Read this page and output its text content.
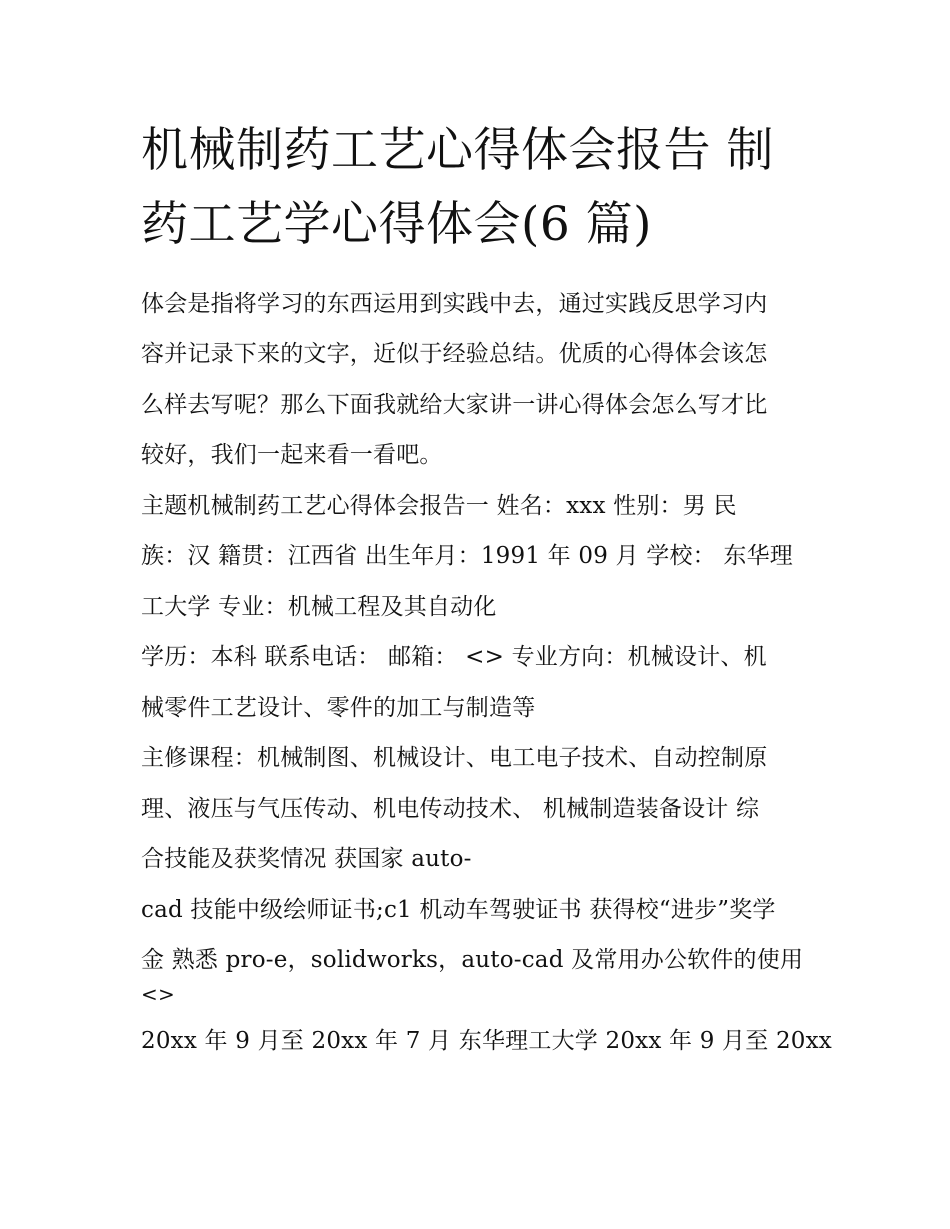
机械制药工艺心得体会报告 制
药工艺学心得体会(6 篇)

体会是指将学习的东西运用到实践中去，通过实践反思学习内
容并记录下来的文字，近似于经验总结。优质的心得体会该怎
么样去写呢？那么下面我就给大家讲一讲心得体会怎么写才比
较好，我们一起来看一看吧。

主题机械制药工艺心得体会报告一 姓名：xxx 性别：男 民
族：汉 籍贯：江西省 出生年月：1991 年 09 月 学校： 东华理
工大学 专业：机械工程及其自动化

学历：本科 联系电话： 邮箱： <> 专业方向：机械设计、机
械零件工艺设计、零件的加工与制造等

主修课程：机械制图、机械设计、电工电子技术、自动控制原
理、液压与气压传动、机电传动技术、 机械制造装备设计 综
合技能及获奖情况 获国家 auto-

cad 技能中级绘师证书;c1 机动车驾驶证书 获得校“进步”奖学
金 熟悉 pro-e，solidworks，auto-cad 及常用办公软件的使用
<>

20xx 年 9 月至 20xx 年 7 月 东华理工大学 20xx 年 9 月至 20xx
